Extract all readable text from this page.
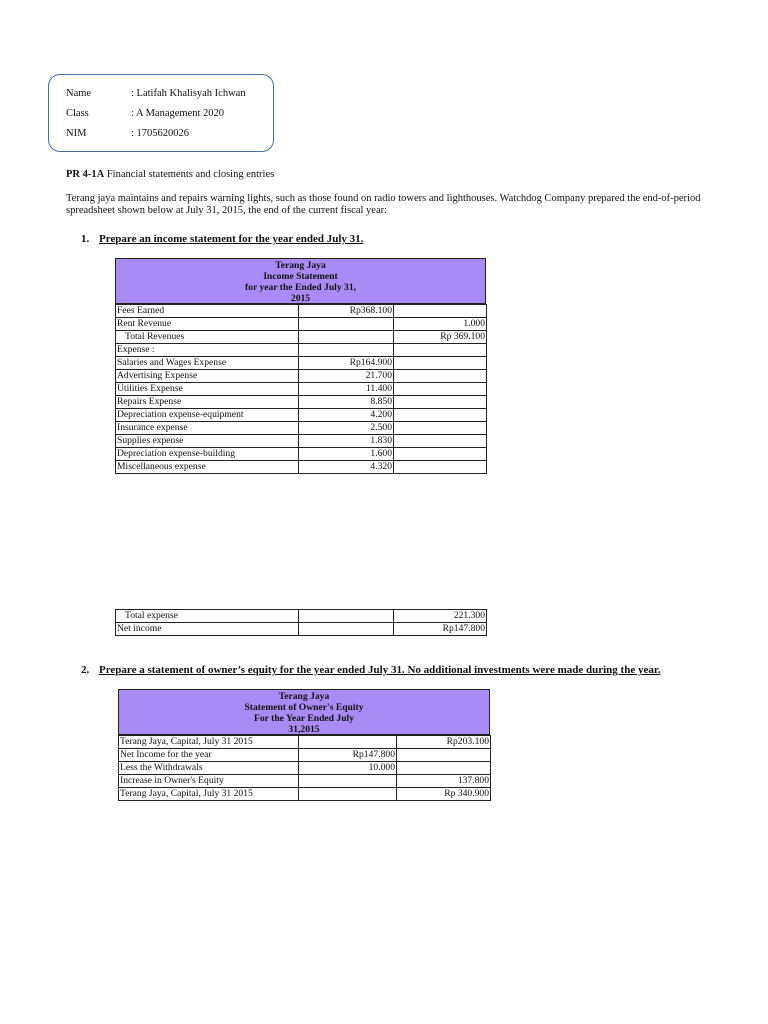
Name	: Latifah Khalisyah Ichwan
Class	: A Management 2020
NIM	: 1705620026
PR 4-1A Financial statements and closing entries
Terang jaya maintains and repairs warning lights, such as those found on radio towers and lighthouses. Watchdog Company prepared the end-of-period spreadsheet shown below at July 31, 2015, the end of the current fiscal year:
1. Prepare an income statement for the year ended July 31.
Terang Jaya
Income Statement
for year the Ended July 31,
2015
Fees Earned	Rp368.100	
Rent Revenue		1.000
Total Revenues		Rp 369.100
Expense :		
Salaries and Wages Expense	Rp164.900	
Advertising Expense	21.700	
Utilities Expense	11.400	
Repairs Expense	8.850	
Depreciation expense-equipment	4.200	
Insurance expense	2.500	
Supplies expense	1.830	
Depreciation expense-building	1.600	
Miscellaneous expense	4.320	
Total expense		221.300
Net income		Rp147.800
2. Prepare a statement of owner’s equity for the year ended July 31. No additional investments were made during the year.
Terang Jaya
Statement of Owner's Equity
For the Year Ended July
31,2015
Terang Jaya, Capital, July 31 2015		Rp203.100
Net Income for the year	Rp147.800	
Less the Withdrawals	10.000	
Increase in Owner's Equity		137.800
Terang Jaya, Capital, July 31 2015		Rp 340.900
